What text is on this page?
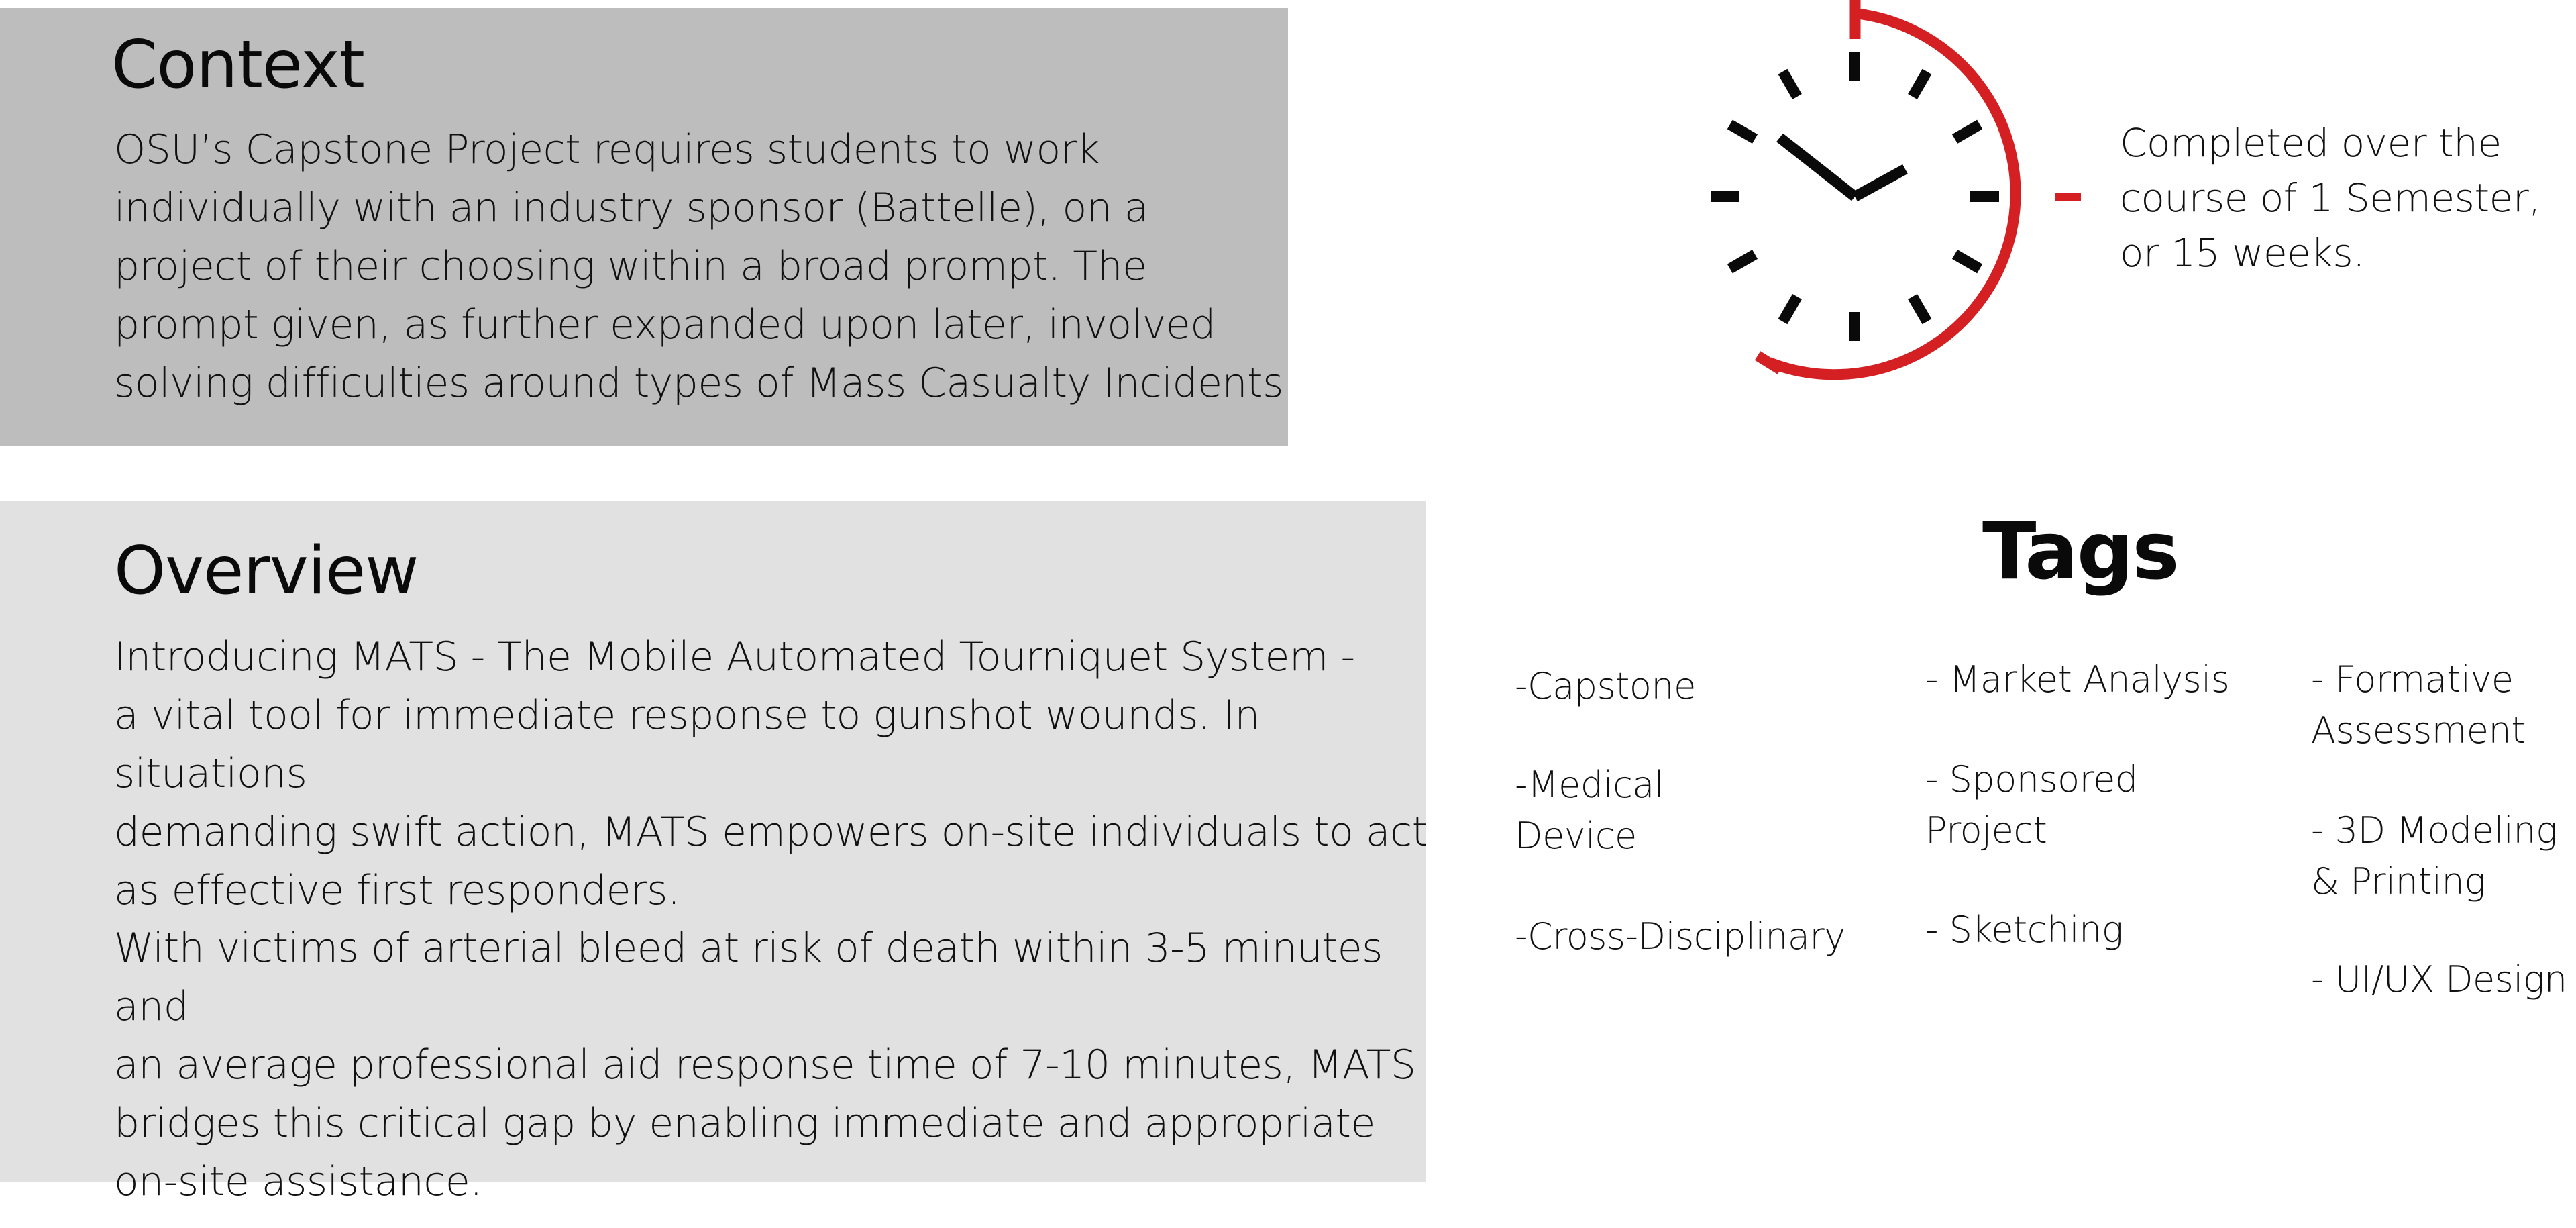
Context

OSU’s Capstone Project requires students to work
individually with an industry sponsor (Battelle), on a
project of their choosing within a broad prompt. The
prompt given, as further expanded upon later, involved
solving difficulties around types of Mass Casualty Incidents

Overview

Introducing MATS - The Mobile Automated Tourniquet System -
a vital tool for immediate response to gunshot wounds. In situations
demanding swift action, MATS empowers on-site individuals to act
as effective first responders.

With victims of arterial bleed at risk of death within 3-5 minutes and
an average professional aid response time of 7-10 minutes, MATS
bridges this critical gap by enabling immediate and appropriate
on-site assistance.

Completed over the
course of 1 Semester,
or 15 weeks.
Tags
-Capstone
-Medical
Device
-Cross-Disciplinary
- Market Analysis
- Sponsored
Project
- Sketching
- Formative
Assessment
- 3D Modeling
& Printing
- UI/UX Design
